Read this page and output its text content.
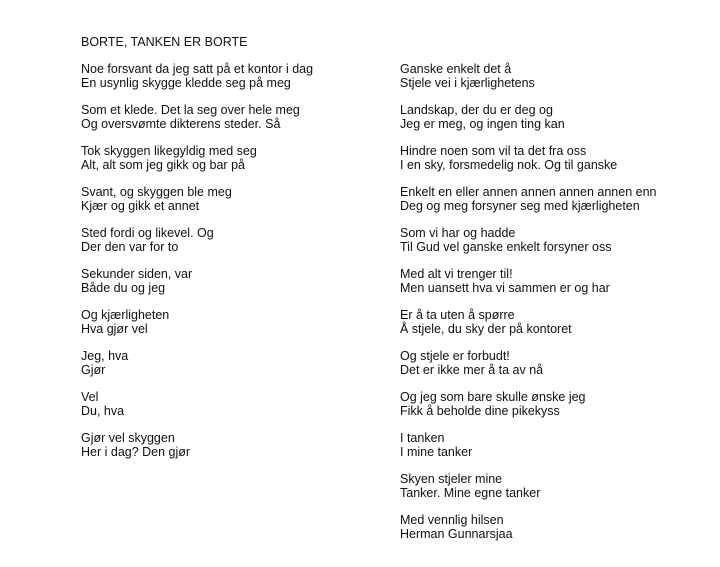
BORTE, TANKEN ER BORTE
Noe forsvant da jeg satt på et kontor i dag
En usynlig skygge kledde seg på meg
Som et klede. Det la seg over hele meg
Og oversvømte dikterens steder. Så
Tok skyggen likegyldig med seg
Alt, alt som jeg gikk og bar på
Svant, og skyggen ble meg
Kjær og gikk et annet
Sted fordi og likevel. Og
Der den var for to
Sekunder siden, var
Både du og jeg
Og kjærligheten
Hva gjør vel
Jeg, hva
Gjør
Vel
Du, hva
Gjør vel skyggen
Her i dag? Den gjør
Ganske enkelt det å
Stjele vei i kjærlighetens
Landskap, der du er deg og
Jeg er meg, og ingen ting kan
Hindre noen som vil ta det fra oss
I en sky, forsmedelig nok. Og til ganske
Enkelt en eller annen annen annen annen enn
Deg og meg forsyner seg med kjærligheten
Som vi har og hadde
Til Gud vel ganske enkelt forsyner oss
Med alt vi trenger til!
Men uansett hva vi sammen er og har
Er å ta uten å spørre
Å stjele, du sky der på kontoret
Og stjele er forbudt!
Det er ikke mer å ta av nå
Og jeg som bare skulle ønske jeg
Fikk å beholde dine pikekyss
I tanken
I mine tanker
Skyen stjeler mine
Tanker. Mine egne tanker
Med vennlig hilsen
Herman Gunnarsjaa
